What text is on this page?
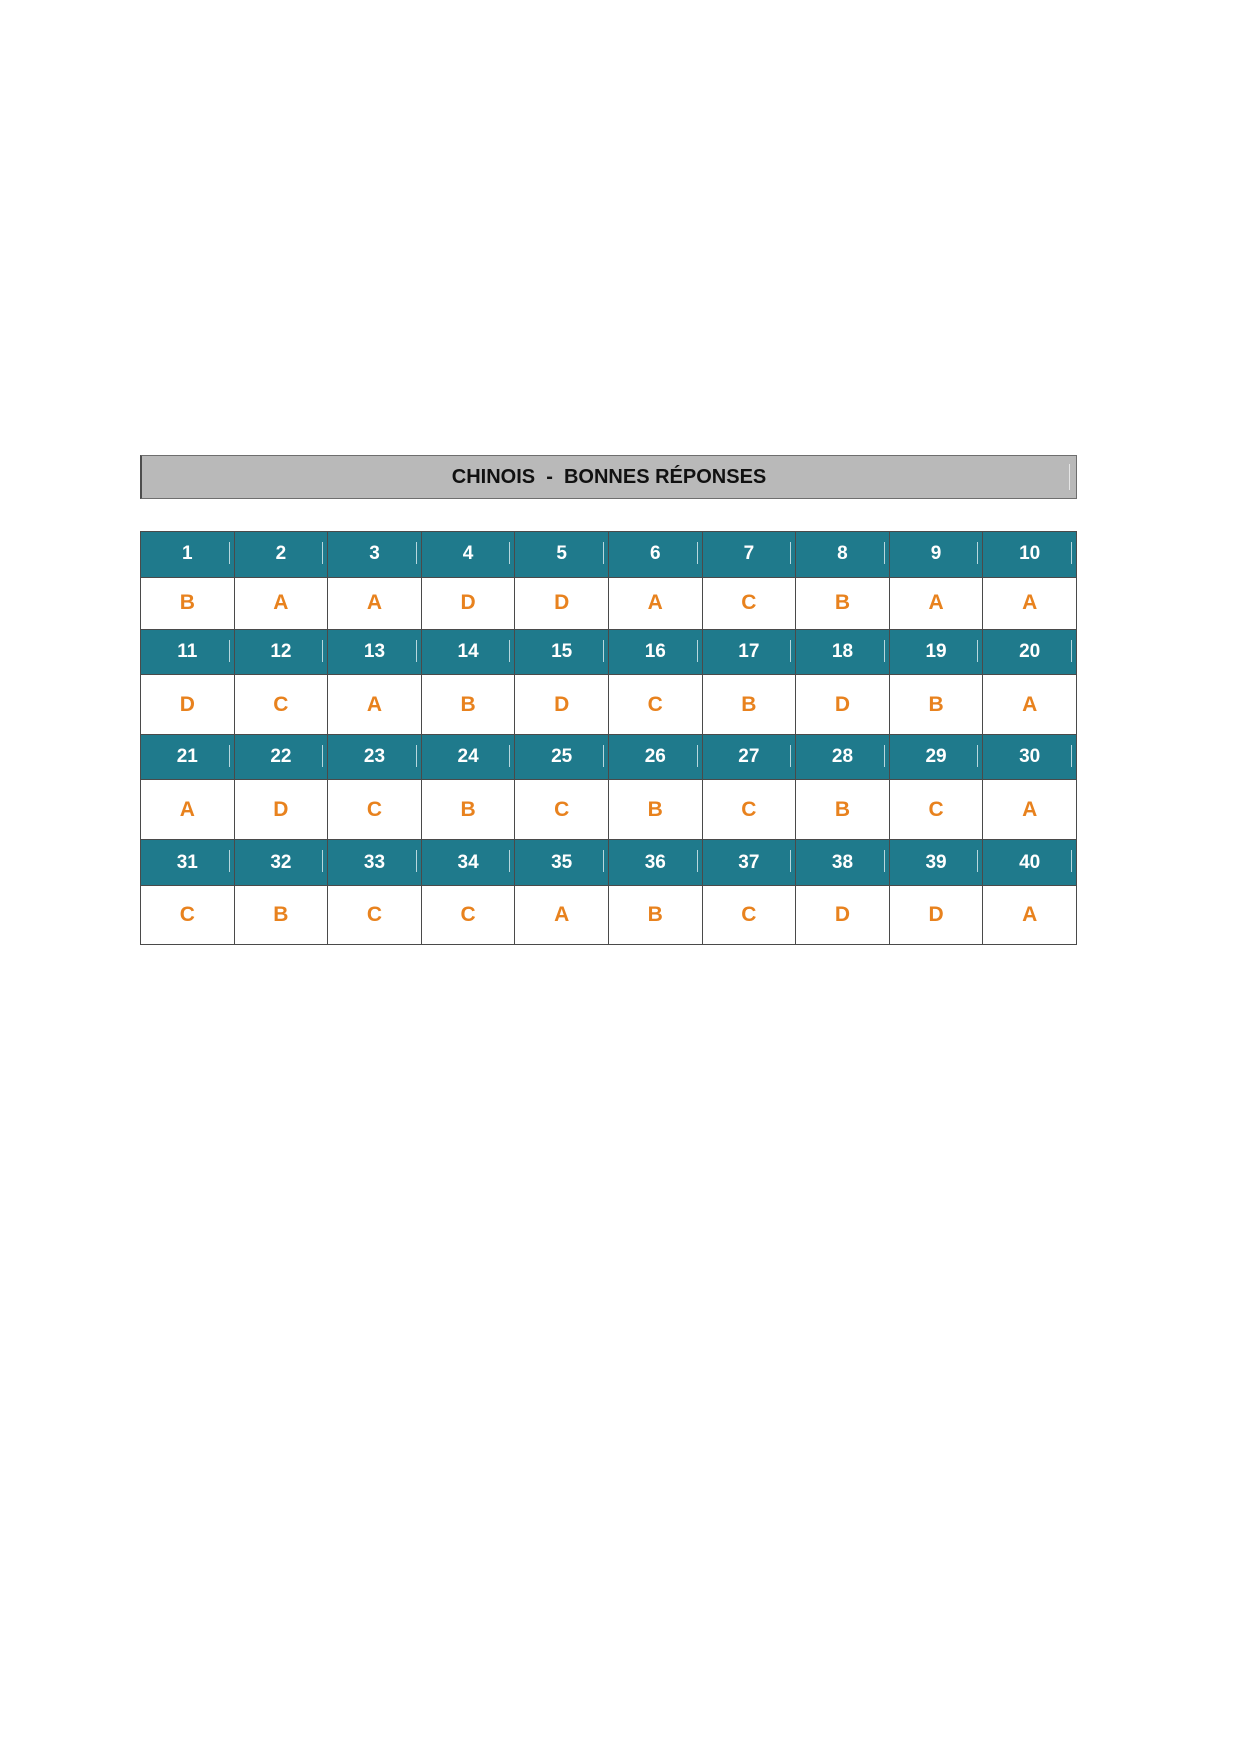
CHINOIS  -  BONNES RÉPONSES
1	2	3	4	5	6	7	8	9	10

B	A	A	D	D	A	C	B	A	A
11	12	13	14	15	16	17	18	19	20

D	C	A	B	D	C	B	D	B	A
21	22	23	24	25	26	27	28	29	30

A	D	C	B	C	B	C	B	C	A
31	32	33	34	35	36	37	38	39	40

C	B	C	C	A	B	C	D	D	A
